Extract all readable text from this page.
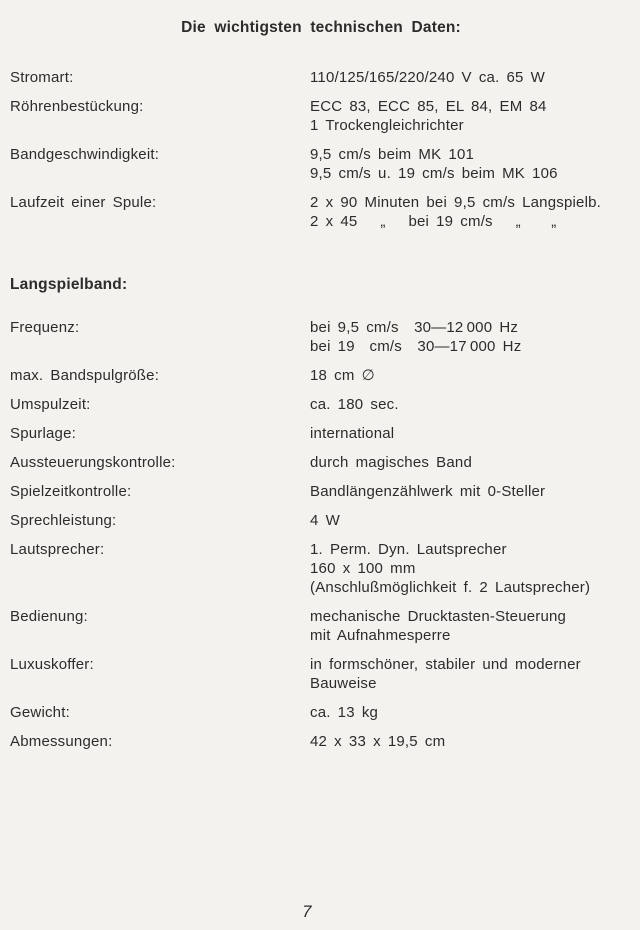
Die wichtigsten technischen Daten:
Stromart:	110/125/165/220/240 V ca. 65 W
Röhrenbestückung:	ECC 83, ECC 85, EL 84, EM 84
1 Trockengleichrichter
Bandgeschwindigkeit:	9,5 cm/s beim MK 101
9,5 cm/s u. 19 cm/s beim MK 106
Laufzeit einer Spule:	2 x 90 Minuten bei 9,5 cm/s Langspielb.
2 x 45  „  bei 19 cm/s  „  „
Langspielband:
Frequenz:	bei 9,5 cm/s  30—12 000 Hz
bei 19  cm/s  30—17 000 Hz
max. Bandspulgröße:	18 cm ∅
Umspulzeit:	ca. 180 sec.
Spurlage:	international
Aussteuerungskontrolle:	durch magisches Band
Spielzeitkontrolle:	Bandlängenzählwerk mit 0-Steller
Sprechleistung:	4 W
Lautsprecher:	1. Perm. Dyn. Lautsprecher
160 x 100 mm
(Anschlußmöglichkeit f. 2 Lautsprecher)
Bedienung:	mechanische Drucktasten-Steuerung
mit Aufnahmesperre
Luxuskoffer:	in formschöner, stabiler und moderner
Bauweise
Gewicht:	ca. 13 kg
Abmessungen:	42 x 33 x 19,5 cm
7
